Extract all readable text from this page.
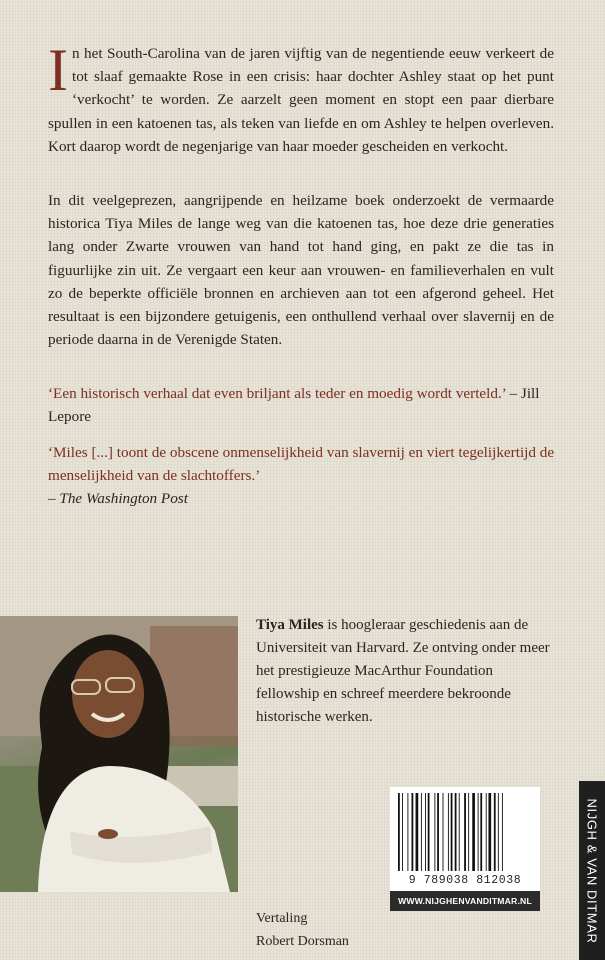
In het South-Carolina van de jaren vijftig van de negentiende eeuw verkeert de tot slaaf gemaakte Rose in een crisis: haar dochter Ashley staat op het punt ‘verkocht’ te worden. Ze aarzelt geen moment en stopt een paar dierbare spullen in een katoenen tas, als teken van liefde en om Ashley te helpen overleven. Kort daarop wordt de negenjarige van haar moeder gescheiden en verkocht.
In dit veelgeprezen, aangrijpende en heilzame boek onderzoekt de vermaarde historica Tiya Miles de lange weg van die katoenen tas, hoe deze drie generaties lang onder Zwarte vrouwen van hand tot hand ging, en pakt ze die tas in figuurlijke zin uit. Ze vergaart een keur aan vrouwen- en familieverhalen en vult zo de beperkte officiële bronnen en archieven aan tot een afgerond geheel. Het resultaat is een bijzondere getuigenis, een onthullend verhaal over slavernij en de periode daarna in de Verenigde Staten.
‘Een historisch verhaal dat even briljant als teder en moedig wordt verteld.’ – Jill Lepore
‘Miles [...] toont de obscene onmenselijkheid van slavernij en viert tegelijkertijd de menselijkheid van de slachtoffers.’
– The Washington Post
Tiya Miles is hoogleraar geschiedenis aan de Universiteit van Harvard. Ze ontving onder meer het prestigieuze MacArthur Foundation fellowship en schreef meerdere bekroonde historische werken.
Vertaling
Robert Dorsman
9 789038 812038
WWW.NIJGHENVANDITMAR.NL	NIJGH & VAN DITMAR
